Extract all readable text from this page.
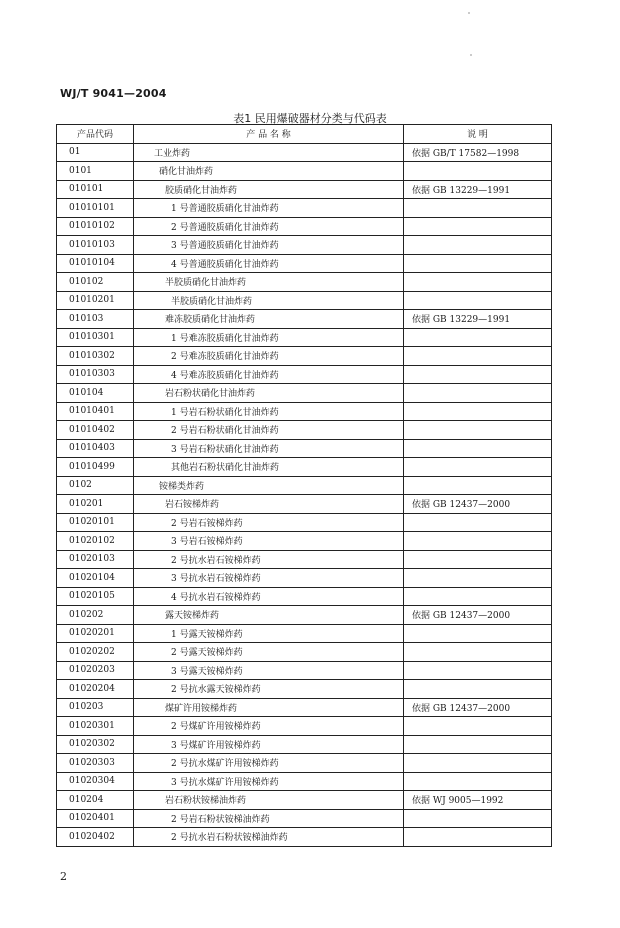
WJ/T 9041—2004
表1 民用爆破器材分类与代码表
产品代码	产 品 名 称	说 明
01	工业炸药	依据 GB/T 17582—1998
0101	硝化甘油炸药	
010101	胶质硝化甘油炸药	依据 GB 13229—1991
01010101	1 号普通胶质硝化甘油炸药	
01010102	2 号普通胶质硝化甘油炸药	
01010103	3 号普通胶质硝化甘油炸药	
01010104	4 号普通胶质硝化甘油炸药	
010102	半胶质硝化甘油炸药	
01010201	半胶质硝化甘油炸药	
010103	难冻胶质硝化甘油炸药	依据 GB 13229—1991
01010301	1 号难冻胶质硝化甘油炸药	
01010302	2 号难冻胶质硝化甘油炸药	
01010303	4 号难冻胶质硝化甘油炸药	
010104	岩石粉状硝化甘油炸药	
01010401	1 号岩石粉状硝化甘油炸药	
01010402	2 号岩石粉状硝化甘油炸药	
01010403	3 号岩石粉状硝化甘油炸药	
01010499	其他岩石粉状硝化甘油炸药	
0102	铵梯类炸药	
010201	岩石铵梯炸药	依据 GB 12437—2000
01020101	2 号岩石铵梯炸药	
01020102	3 号岩石铵梯炸药	
01020103	2 号抗水岩石铵梯炸药	
01020104	3 号抗水岩石铵梯炸药	
01020105	4 号抗水岩石铵梯炸药	
010202	露天铵梯炸药	依据 GB 12437—2000
01020201	1 号露天铵梯炸药	
01020202	2 号露天铵梯炸药	
01020203	3 号露天铵梯炸药	
01020204	2 号抗水露天铵梯炸药	
010203	煤矿许用铵梯炸药	依据 GB 12437—2000
01020301	2 号煤矿许用铵梯炸药	
01020302	3 号煤矿许用铵梯炸药	
01020303	2 号抗水煤矿许用铵梯炸药	
01020304	3 号抗水煤矿许用铵梯炸药	
010204	岩石粉状铵梯油炸药	依据 WJ 9005—1992
01020401	2 号岩石粉状铵梯油炸药	
01020402	2 号抗水岩石粉状铵梯油炸药	
2
